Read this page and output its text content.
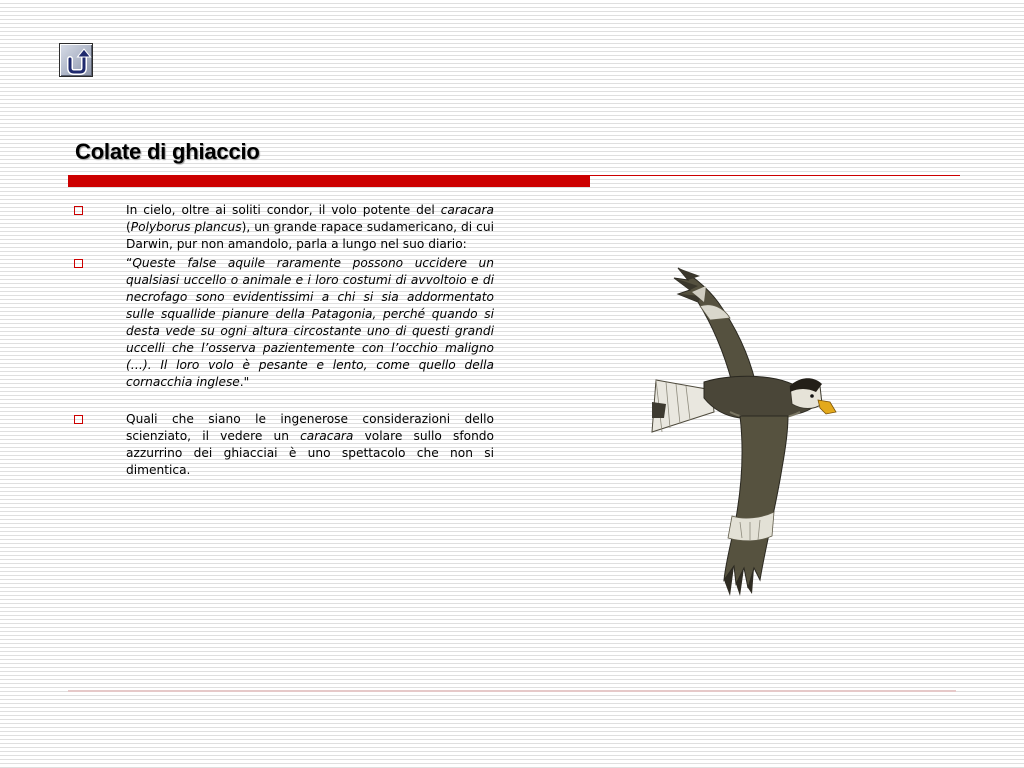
Colate di ghiaccio

In cielo, oltre ai soliti condor, il volo potente del caracara (Polyborus plancus), un grande rapace sudamericano, di cui Darwin, pur non amandolo, parla a lungo nel suo diario:

“Queste false aquile raramente possono uccidere un qualsiasi uccello o animale e i loro costumi di avvoltoio e di necrofago sono evidentissimi a chi si sia addormentato sulle squallide pianure della Patagonia, perché quando si desta vede su ogni altura circostante uno di questi grandi uccelli che l’osserva pazientemente con l’occhio maligno (…). Il loro volo è pesante e lento, come quello della cornacchia inglese."

Quali che siano le ingenerose considerazioni dello scienziato, il vedere un caracara volare sullo sfondo azzurrino dei ghiacciai è uno spettacolo che non si dimentica.
